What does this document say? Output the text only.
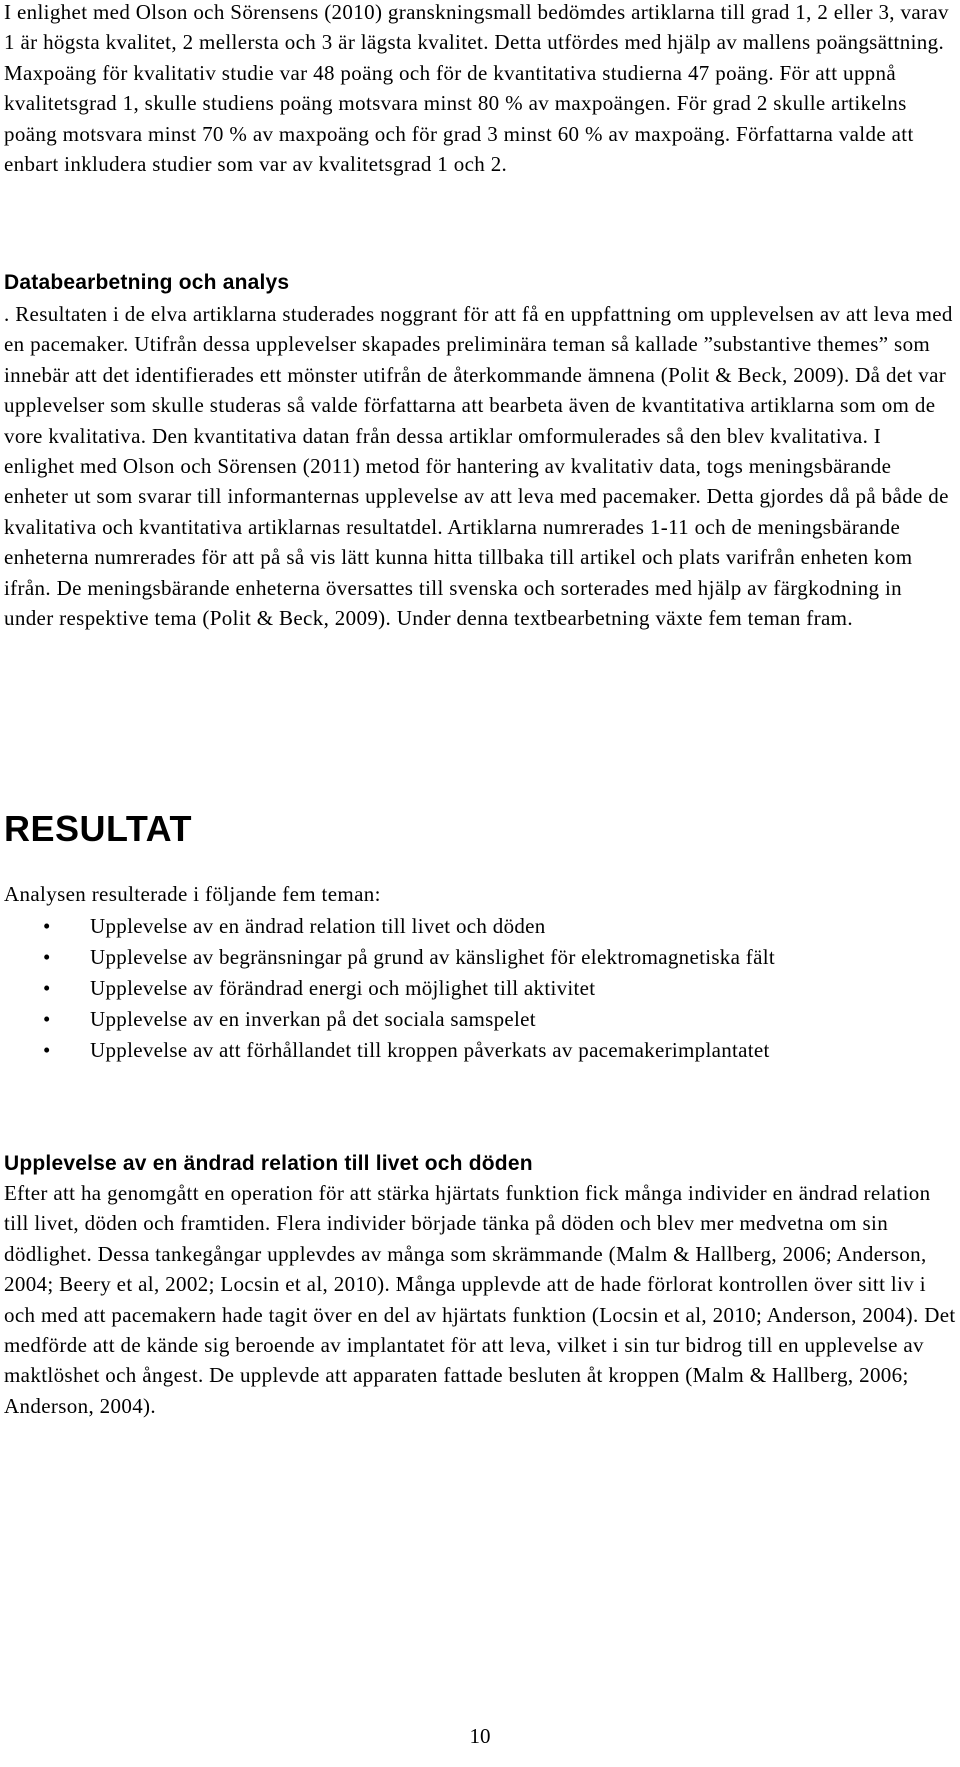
I enlighet med Olson och Sörensens (2010) granskningsmall bedömdes artiklarna till grad 1, 2 eller 3, varav 1 är högsta kvalitet, 2 mellersta och 3 är lägsta kvalitet. Detta utfördes med hjälp av mallens poängsättning. Maxpoäng för kvalitativ studie var 48 poäng och för de kvantitativa studierna 47 poäng. För att uppnå kvalitetsgrad 1, skulle studiens poäng motsvara minst 80 % av maxpoängen. För grad 2 skulle artikelns poäng motsvara minst 70 % av maxpoäng och för grad 3 minst 60 % av maxpoäng. Författarna valde att enbart inkludera studier som var av kvalitetsgrad 1 och 2.

Databearbetning och analys

. Resultaten i de elva artiklarna studerades noggrant för att få en uppfattning om upplevelsen av att leva med en pacemaker. Utifrån dessa upplevelser skapades preliminära teman så kallade ”substantive themes” som innebär att det identifierades ett mönster utifrån de återkommande ämnena (Polit & Beck, 2009). Då det var upplevelser som skulle studeras så valde författarna att bearbeta även de kvantitativa artiklarna som om de vore kvalitativa. Den kvantitativa datan från dessa artiklar omformulerades så den blev kvalitativa. I enlighet med Olson och Sörensen (2011) metod för hantering av kvalitativ data, togs meningsbärande enheter ut som svarar till informanternas upplevelse av att leva med pacemaker. Detta gjordes då på både de kvalitativa och kvantitativa artiklarnas resultatdel. Artiklarna numrerades 1-11 och de meningsbärande enheterna numrerades för att på så vis lätt kunna hitta tillbaka till artikel och plats varifrån enheten kom ifrån. De meningsbärande enheterna översattes till svenska och sorterades med hjälp av färgkodning in under respektive tema (Polit & Beck, 2009). Under denna textbearbetning växte fem teman fram.

RESULTAT

Analysen resulterade i följande fem teman:

• Upplevelse av en ändrad relation till livet och döden
• Upplevelse av begränsningar på grund av känslighet för elektromagnetiska fält
• Upplevelse av förändrad energi och möjlighet till aktivitet
• Upplevelse av en inverkan på det sociala samspelet
• Upplevelse av att förhållandet till kroppen påverkats av pacemakerimplantatet
Upplevelse av en ändrad relation till livet och döden

Efter att ha genomgått en operation för att stärka hjärtats funktion fick många individer en ändrad relation till livet, döden och framtiden. Flera individer började tänka på döden och blev mer medvetna om sin dödlighet. Dessa tankegångar upplevdes av många som skrämmande (Malm & Hallberg, 2006; Anderson, 2004; Beery et al, 2002; Locsin et al, 2010). Många upplevde att de hade förlorat kontrollen över sitt liv i och med att pacemakern hade tagit över en del av hjärtats funktion (Locsin et al, 2010; Anderson, 2004). Det medförde att de kände sig beroende av implantatet för att leva, vilket i sin tur bidrog till en upplevelse av maktlöshet och ångest. De upplevde att apparaten fattade besluten åt kroppen (Malm & Hallberg, 2006; Anderson, 2004).

10
